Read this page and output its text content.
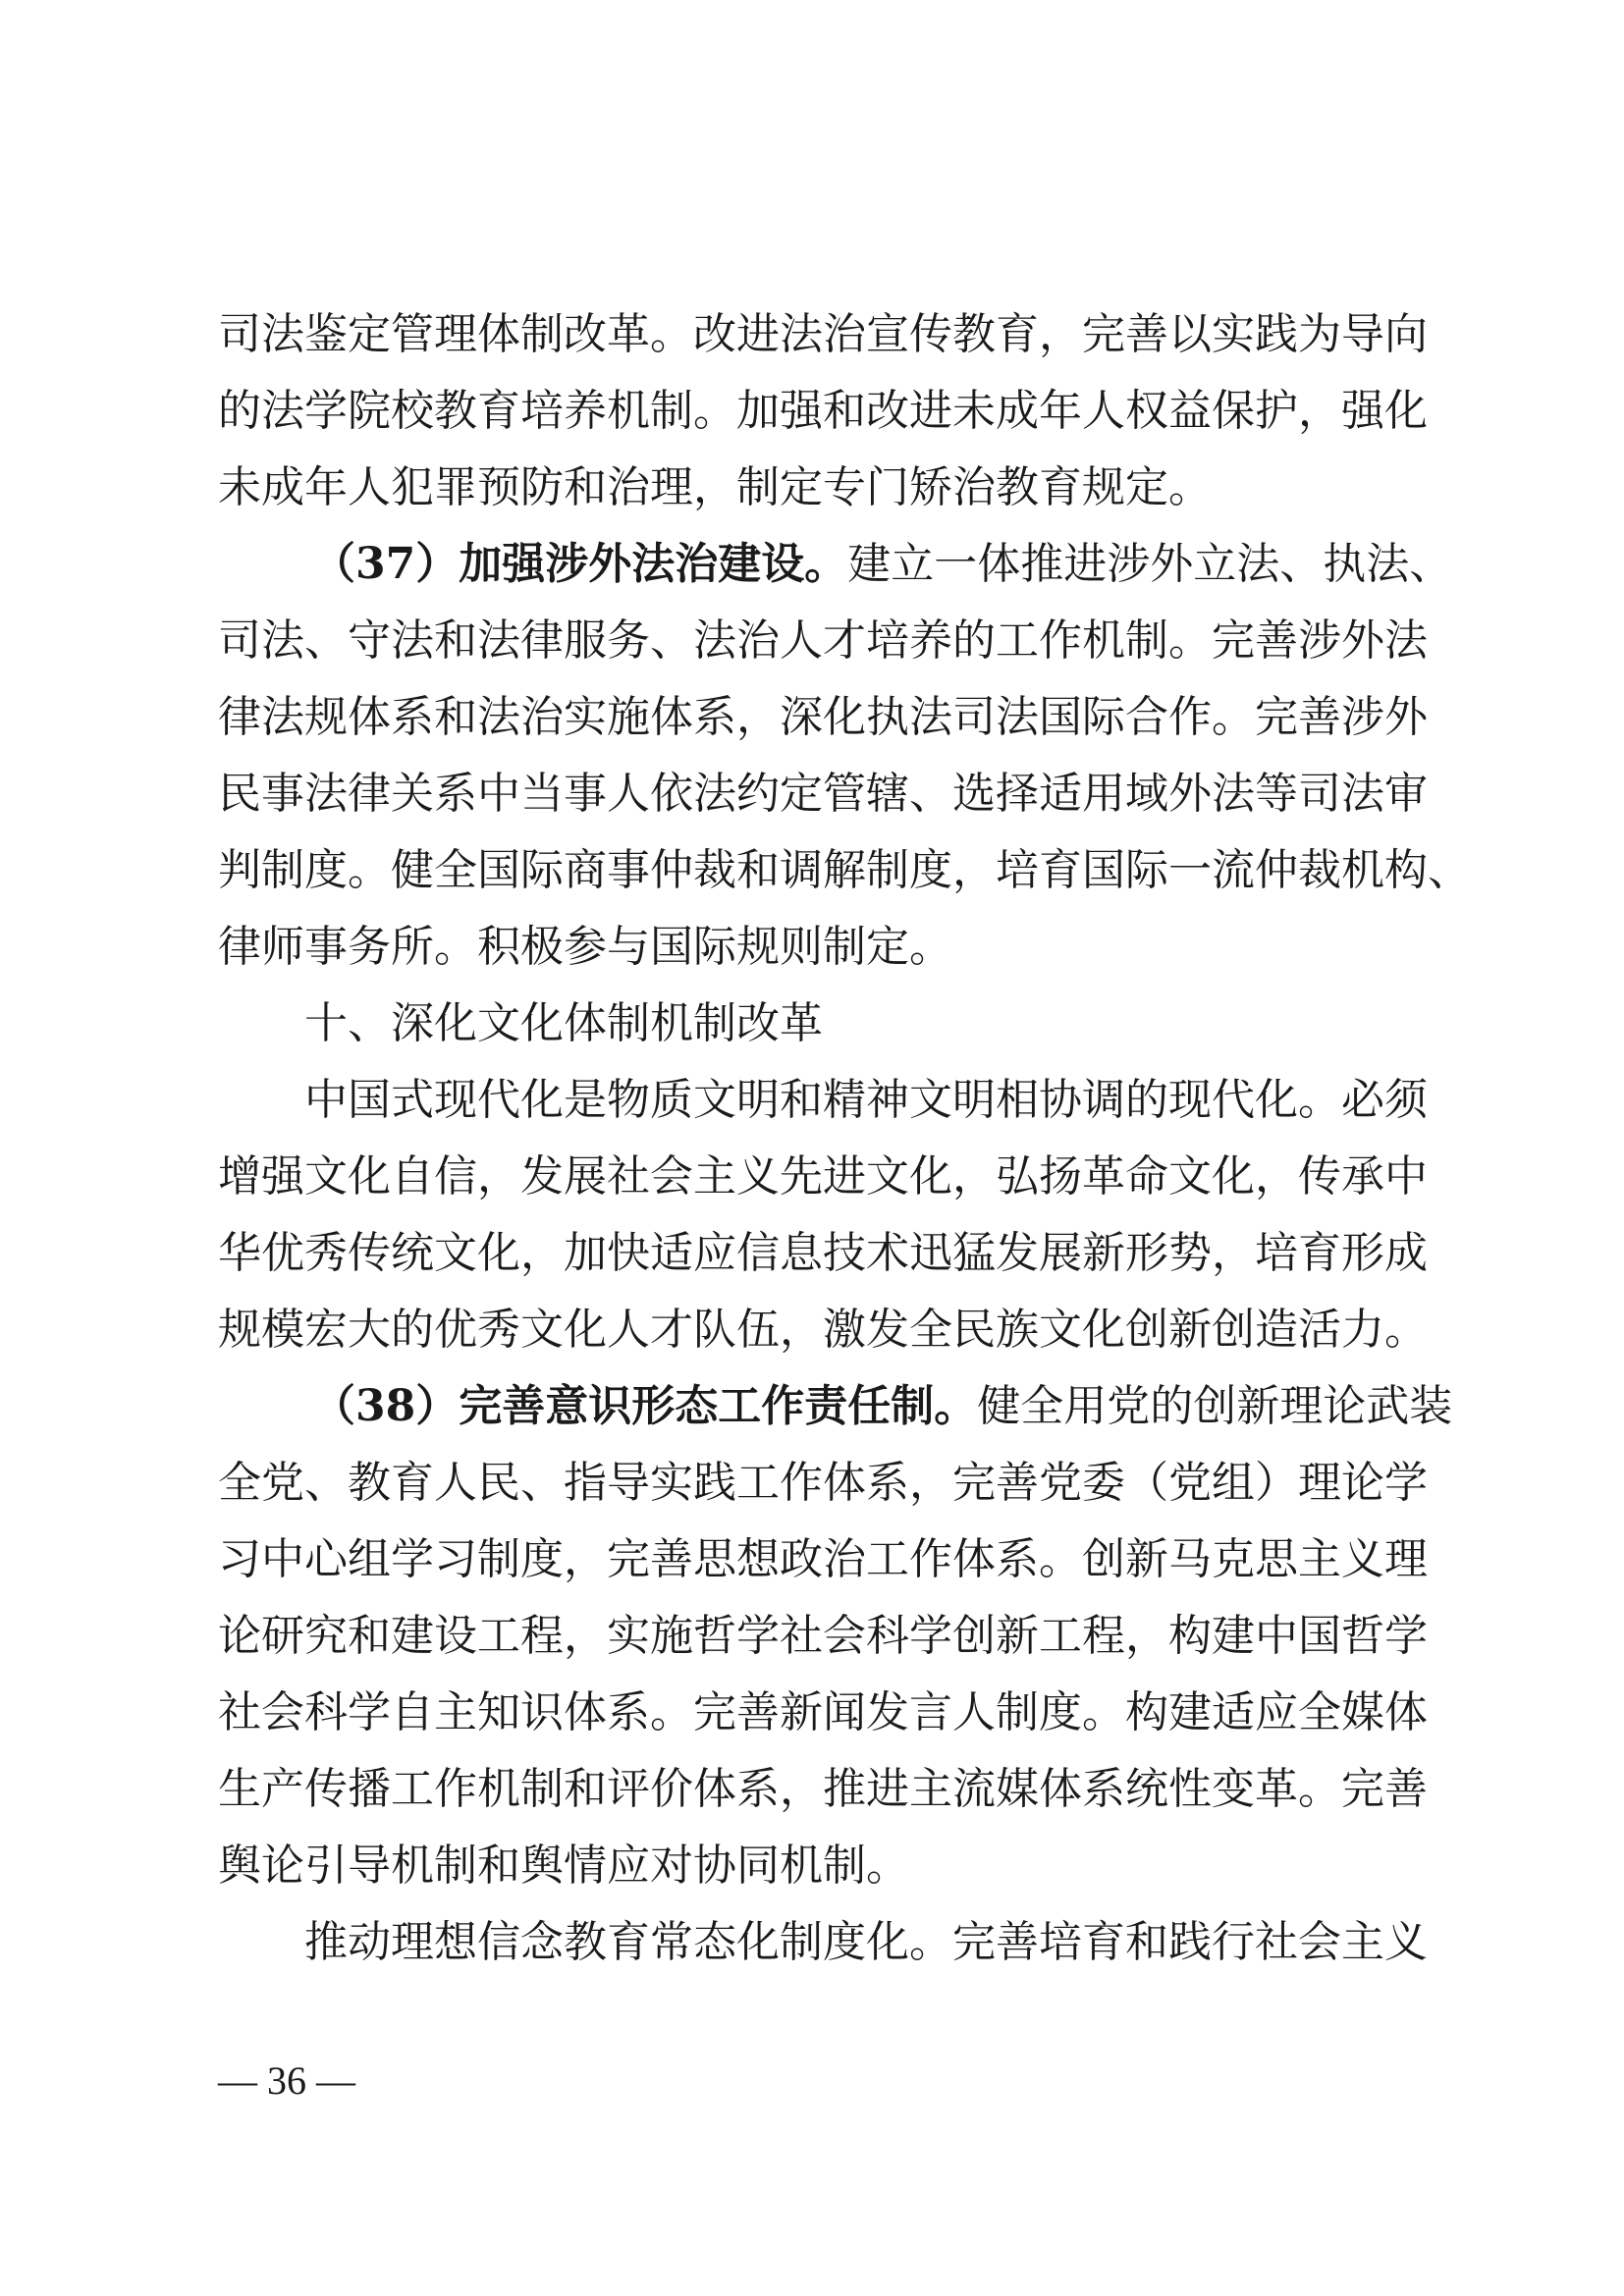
司法鉴定管理体制改革。改进法治宣传教育，完善以实践为导向
的法学院校教育培养机制。加强和改进未成年人权益保护，强化
未成年人犯罪预防和治理，制定专门矫治教育规定。
（37）加强涉外法治建设。建立一体推进涉外立法、执法、
司法、守法和法律服务、法治人才培养的工作机制。完善涉外法
律法规体系和法治实施体系，深化执法司法国际合作。完善涉外
民事法律关系中当事人依法约定管辖、选择适用域外法等司法审
判制度。健全国际商事仲裁和调解制度，培育国际一流仲裁机构、
律师事务所。积极参与国际规则制定。
十、深化文化体制机制改革
中国式现代化是物质文明和精神文明相协调的现代化。必须
增强文化自信，发展社会主义先进文化，弘扬革命文化，传承中
华优秀传统文化，加快适应信息技术迅猛发展新形势，培育形成
规模宏大的优秀文化人才队伍，激发全民族文化创新创造活力。
（38）完善意识形态工作责任制。健全用党的创新理论武装
全党、教育人民、指导实践工作体系，完善党委（党组）理论学
习中心组学习制度，完善思想政治工作体系。创新马克思主义理
论研究和建设工程，实施哲学社会科学创新工程，构建中国哲学
社会科学自主知识体系。完善新闻发言人制度。构建适应全媒体
生产传播工作机制和评价体系，推进主流媒体系统性变革。完善
舆论引导机制和舆情应对协同机制。
推动理想信念教育常态化制度化。完善培育和践行社会主义
— 36 —
